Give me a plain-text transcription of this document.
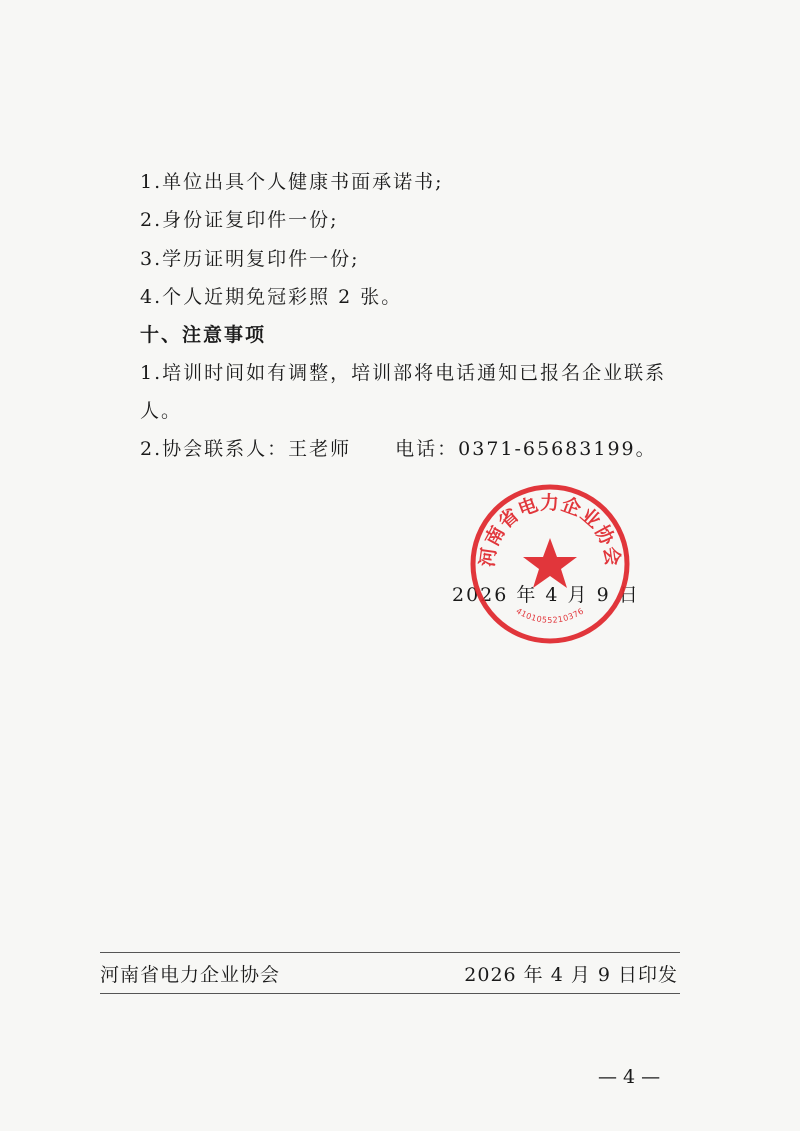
1.单位出具个人健康书面承诺书;
2.身份证复印件一份;
3.学历证明复印件一份;
4.个人近期免冠彩照 2 张。
十、注意事项
1.培训时间如有调整，培训部将电话通知已报名企业联系
人。
2.协会联系人：王老师 电话：0371-65683199。
2026 年 4 月 9 日
河南省电力企业协会
4101055210376
河南省电力企业协会	2026 年 4 月 9 日印发
— 4 —
